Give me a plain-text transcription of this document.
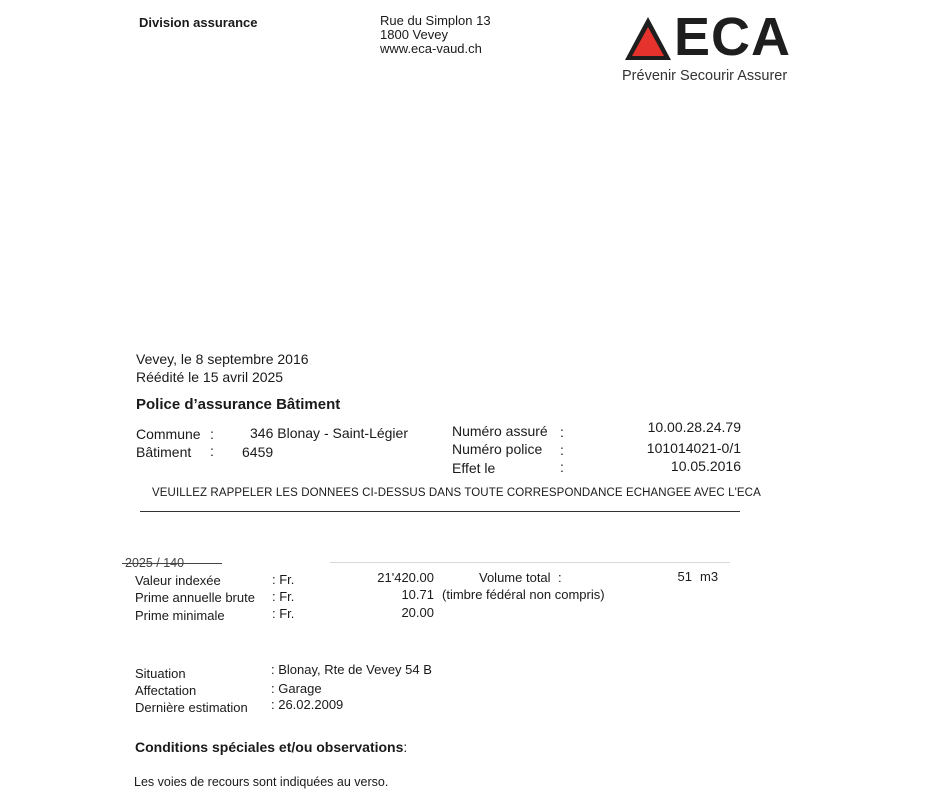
Division assurance	Rue du Simplon 13
1800 Vevey
www.eca-vaud.ch	ECA
Prévenir Secourir Assurer
Vevey, le 8 septembre 2016
Réédité le 15 avril 2025
Police d’assurance Bâtiment
Commune :	346 Blonay - Saint-Légier
Bâtiment : 6459
Numéro assuré :	10.00.28.24.79
Numéro police :	101014021-0/1
Effet le	:	10.05.2016
VEUILLEZ RAPPELER LES DONNEES CI-DESSUS DANS TOUTE CORRESPONDANCE ECHANGEE AVEC L'ECA
2025 / 140
Valeur indexée	: Fr.	21'420.00
Prime annuelle brute : Fr.	10.71 (timbre fédéral non compris)
Prime minimale	: Fr.	20.00
Volume total :	51 m3
Situation	: Blonay, Rte de Vevey 54 B
Affectation	: Garage
Dernière estimation : 26.02.2009
Conditions spéciales et/ou observations:
Les voies de recours sont indiquées au verso.
